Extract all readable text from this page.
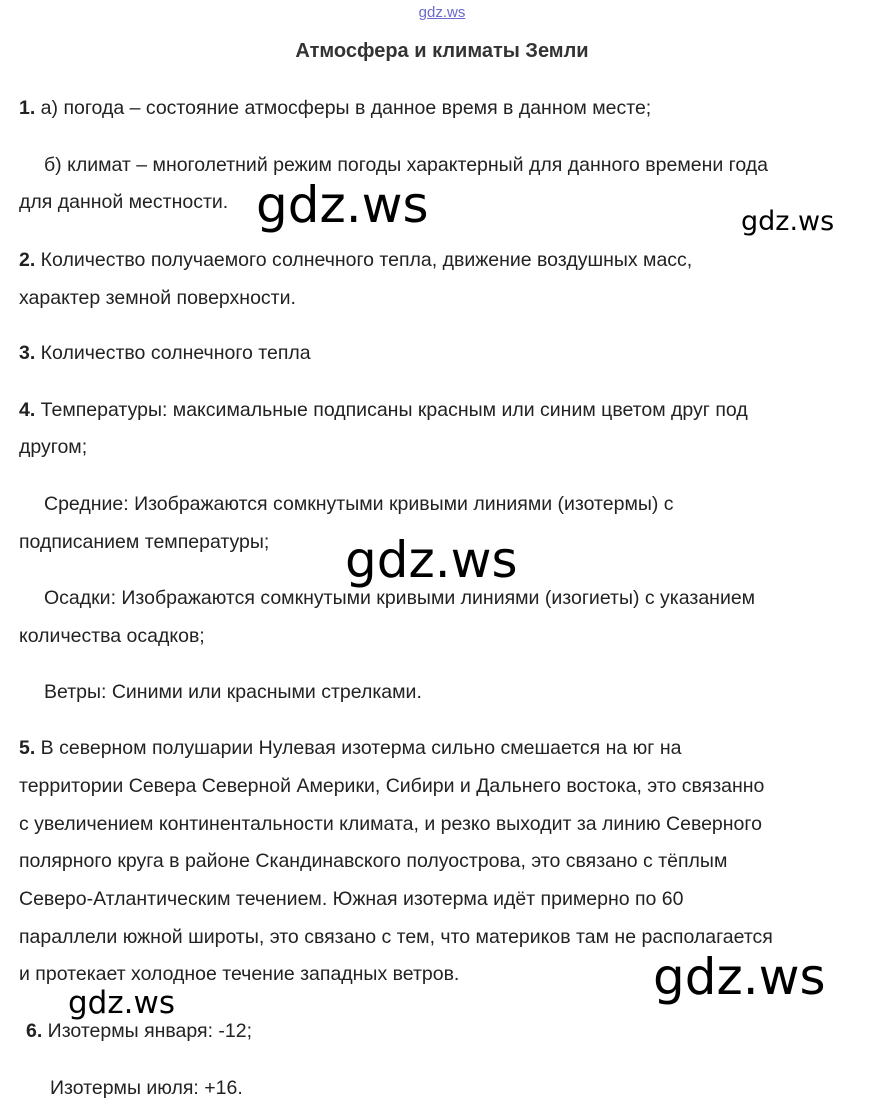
gdz.ws
Атмосфера и климаты Земли
1. а) погода – состояние атмосферы в данное время в данном месте;
б) климат – многолетний режим погоды характерный для данного времени года
для данной местности.
2. Количество получаемого солнечного тепла, движение воздушных масс,
характер земной поверхности.
3. Количество солнечного тепла
4. Температуры: максимальные подписаны красным или синим цветом друг под
другом;
Средние: Изображаются сомкнутыми кривыми линиями (изотермы) с
подписанием температуры;
Осадки: Изображаются сомкнутыми кривыми линиями (изогиеты) с указанием
количества осадков;
Ветры: Синими или красными стрелками.
5. В северном полушарии Нулевая изотерма сильно смешается на юг на
территории Севера Северной Америки, Сибири и Дальнего востока, это связанно
с увеличением континентальности климата, и резко выходит за линию Северного
полярного круга в районе Скандинавского полуострова, это связано с тёплым
Северо-Атлантическим течением. Южная изотерма идёт примерно по 60
параллели южной широты, это связано с тем, что материков там не располагается
и протекает холодное течение западных ветров.
6. Изотермы января: -12;
Изотермы июля: +16.
gdz.ws	gdz.ws
gdz.ws
gdz.ws
gdz.ws
